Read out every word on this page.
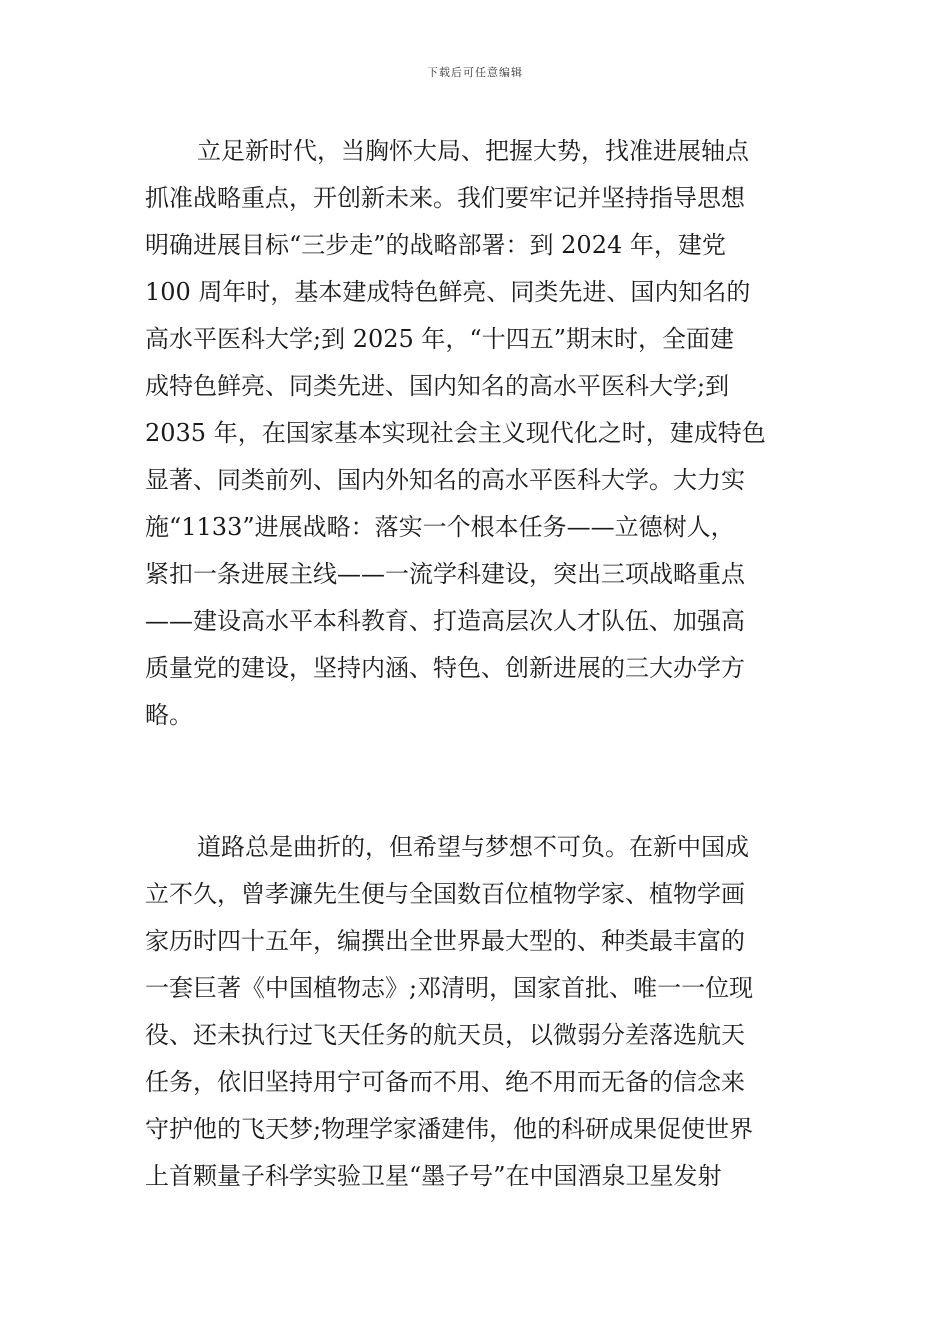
下载后可任意编辑
立足新时代，当胸怀大局、把握大势，找准进展轴点
抓准战略重点，开创新未来。我们要牢记并坚持指导思想
明确进展目标“三步走”的战略部署：到 2024 年，建党
100 周年时，基本建成特色鲜亮、同类先进、国内知名的
高水平医科大学;到 2025 年，“十四五”期末时，全面建
成特色鲜亮、同类先进、国内知名的高水平医科大学;到
2035 年，在国家基本实现社会主义现代化之时，建成特色
显著、同类前列、国内外知名的高水平医科大学。大力实
施“1133”进展战略：落实一个根本任务——立德树人，
紧扣一条进展主线——一流学科建设，突出三项战略重点
——建设高水平本科教育、打造高层次人才队伍、加强高
质量党的建设，坚持内涵、特色、创新进展的三大办学方
略。
道路总是曲折的，但希望与梦想不可负。在新中国成
立不久，曾孝濂先生便与全国数百位植物学家、植物学画
家历时四十五年，编撰出全世界最大型的、种类最丰富的
一套巨著《中国植物志》;邓清明，国家首批、唯一一位现
役、还未执行过飞天任务的航天员，以微弱分差落选航天
任务，依旧坚持用宁可备而不用、绝不用而无备的信念来
守护他的飞天梦;物理学家潘建伟，他的科研成果促使世界
上首颗量子科学实验卫星“墨子号”在中国酒泉卫星发射
